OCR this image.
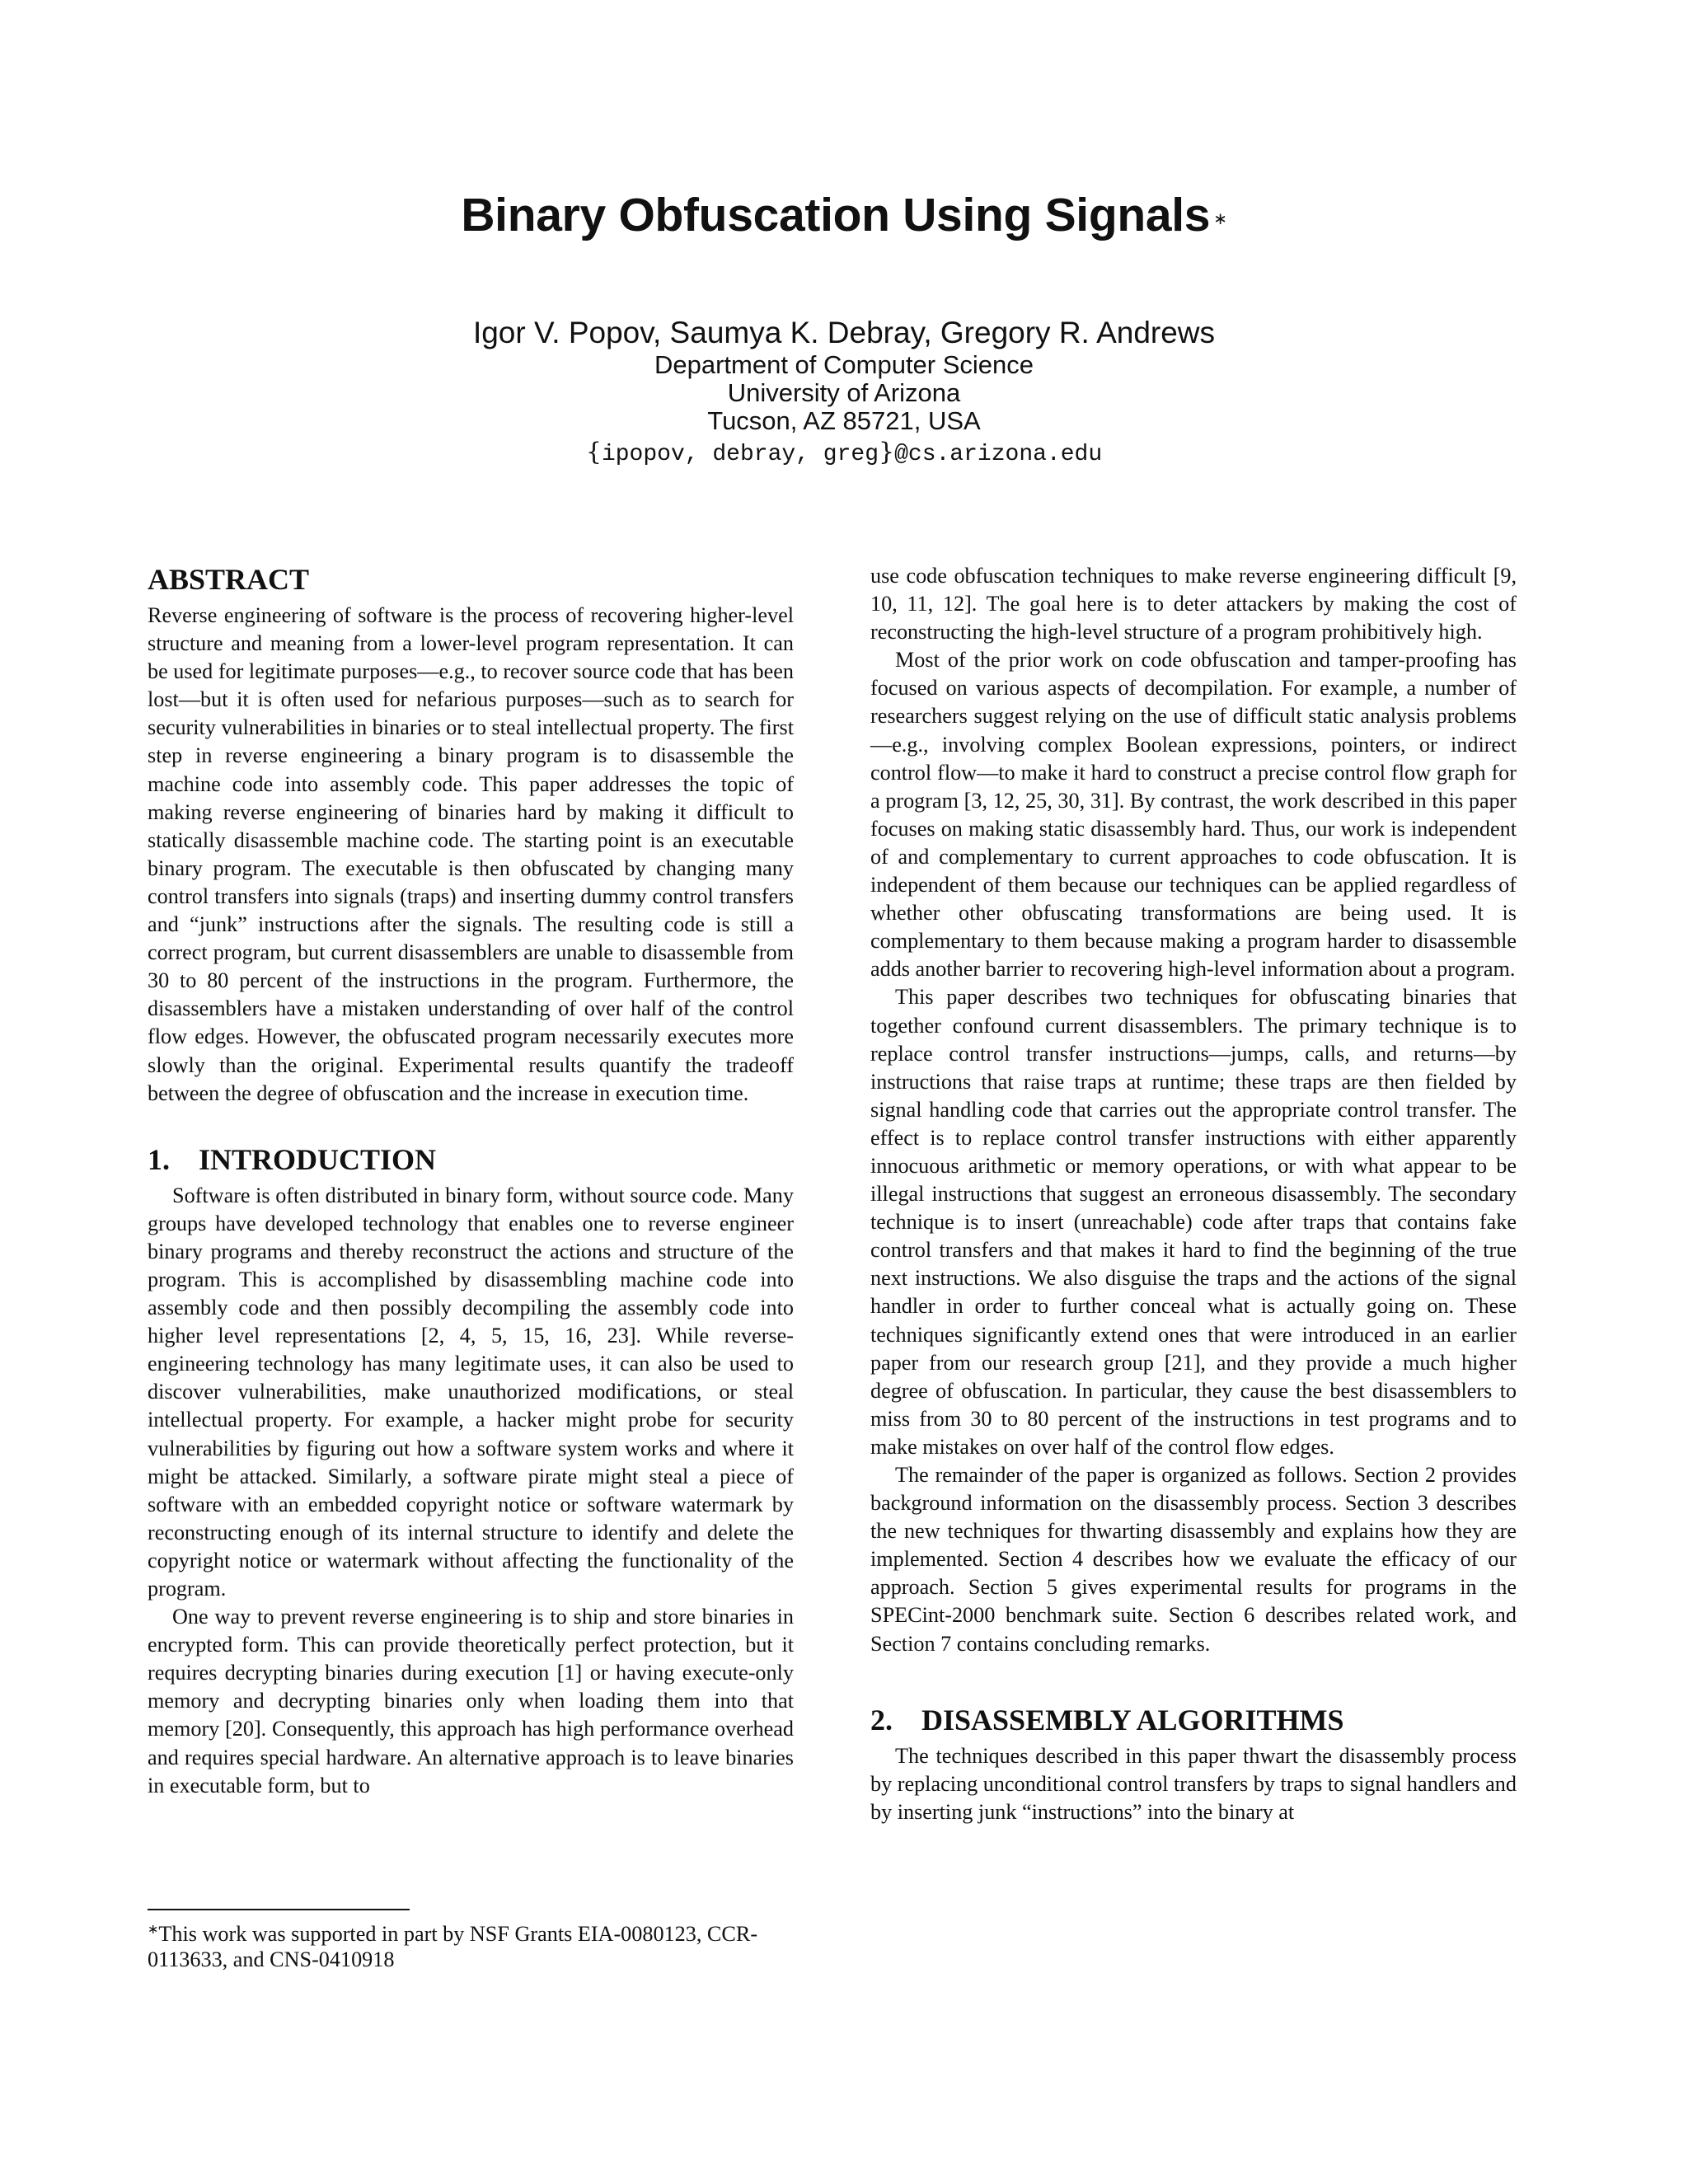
Binary Obfuscation Using Signals ∗
Igor V. Popov, Saumya K. Debray, Gregory R. Andrews
Department of Computer Science
University of Arizona
Tucson, AZ 85721, USA
{ipopov, debray, greg}@cs.arizona.edu
ABSTRACT

Reverse engineering of software is the process of recovering higher-level structure and meaning from a lower-level program representation. It can be used for legitimate purposes—e.g., to recover source code that has been lost—but it is often used for nefarious purposes—such as to search for security vulnerabilities in binaries or to steal intellectual property. The first step in reverse engineering a binary program is to disassemble the machine code into assembly code. This paper addresses the topic of making reverse engineering of binaries hard by making it difficult to statically disassemble machine code. The starting point is an executable binary program. The executable is then obfuscated by changing many control transfers into signals (traps) and inserting dummy control transfers and “junk” instructions after the signals. The resulting code is still a correct program, but current disassemblers are unable to disassemble from 30 to 80 percent of the instructions in the program. Furthermore, the disassemblers have a mistaken understanding of over half of the control flow edges. However, the obfuscated program necessarily executes more slowly than the original. Experimental results quantify the tradeoff between the degree of obfuscation and the increase in execution time.

1. INTRODUCTION

Software is often distributed in binary form, without source code. Many groups have developed technology that enables one to reverse engineer binary programs and thereby reconstruct the actions and structure of the program. This is accomplished by disassembling machine code into assembly code and then possibly decompiling the assembly code into higher level representations [2, 4, 5, 15, 16, 23]. While reverse-engineering technology has many legitimate uses, it can also be used to discover vulnerabilities, make unauthorized modifications, or steal intellectual property. For example, a hacker might probe for security vulnerabilities by figuring out how a software system works and where it might be attacked. Similarly, a software pirate might steal a piece of software with an embedded copyright notice or software watermark by reconstructing enough of its internal structure to identify and delete the copyright notice or watermark without affecting the functionality of the program.

One way to prevent reverse engineering is to ship and store binaries in encrypted form. This can provide theoretically perfect protection, but it requires decrypting binaries during execution [1] or having execute-only memory and decrypting binaries only when loading them into that memory [20]. Consequently, this approach has high performance overhead and requires special hardware. An alternative approach is to leave binaries in executable form, but to

use code obfuscation techniques to make reverse engineering difficult [9, 10, 11, 12]. The goal here is to deter attackers by making the cost of reconstructing the high-level structure of a program prohibitively high.

Most of the prior work on code obfuscation and tamper-proofing has focused on various aspects of decompilation. For example, a number of researchers suggest relying on the use of difficult static analysis problems—e.g., involving complex Boolean expressions, pointers, or indirect control flow—to make it hard to construct a precise control flow graph for a program [3, 12, 25, 30, 31]. By contrast, the work described in this paper focuses on making static disassembly hard. Thus, our work is independent of and complementary to current approaches to code obfuscation. It is independent of them because our techniques can be applied regardless of whether other obfuscating transformations are being used. It is complementary to them because making a program harder to disassemble adds another barrier to recovering high-level information about a program.

This paper describes two techniques for obfuscating binaries that together confound current disassemblers. The primary technique is to replace control transfer instructions—jumps, calls, and returns—by instructions that raise traps at runtime; these traps are then fielded by signal handling code that carries out the appropriate control transfer. The effect is to replace control transfer instructions with either apparently innocuous arithmetic or memory operations, or with what appear to be illegal instructions that suggest an erroneous disassembly. The secondary technique is to insert (unreachable) code after traps that contains fake control transfers and that makes it hard to find the beginning of the true next instructions. We also disguise the traps and the actions of the signal handler in order to further conceal what is actually going on. These techniques significantly extend ones that were introduced in an earlier paper from our research group [21], and they provide a much higher degree of obfuscation. In particular, they cause the best disassemblers to miss from 30 to 80 percent of the instructions in test programs and to make mistakes on over half of the control flow edges.

The remainder of the paper is organized as follows. Section 2 provides background information on the disassembly process. Section 3 describes the new techniques for thwarting disassembly and explains how they are implemented. Section 4 describes how we evaluate the efficacy of our approach. Section 5 gives experimental results for programs in the SPECint-2000 benchmark suite. Section 6 describes related work, and Section 7 contains concluding remarks.

2. DISASSEMBLY ALGORITHMS

The techniques described in this paper thwart the disassembly process by replacing unconditional control transfers by traps to signal handlers and by inserting junk “instructions” into the binary at

∗This work was supported in part by NSF Grants EIA-0080123, CCR-0113633, and CNS-0410918
